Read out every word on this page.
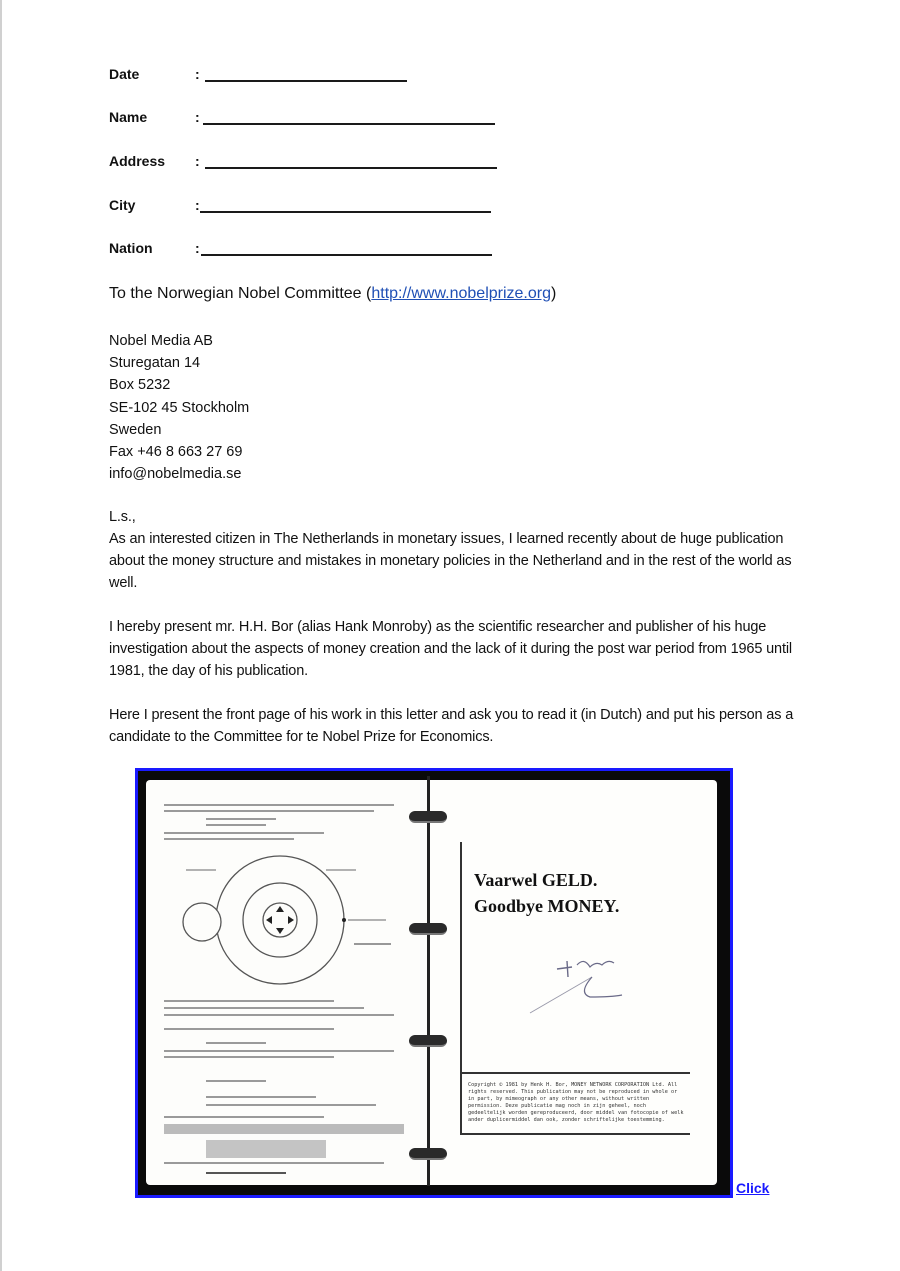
Date	:
Name	:
Address :
City	:
Nation	:
To the Norwegian Nobel Committee (http://www.nobelprize.org)
Nobel Media AB
Sturegatan 14
Box 5232
SE-102 45 Stockholm
Sweden
Fax +46 8 663 27 69
info@nobelmedia.se
L.s.,
As an interested citizen in The Netherlands in monetary issues, I learned recently about de huge publication about the money structure and mistakes in monetary policies in the Netherland and in the rest of the world as well.
I hereby present mr. H.H. Bor (alias Hank Monroby) as the scientific researcher and publisher of his huge investigation about the aspects of money creation and the lack of it during the post war period from 1965 until 1981, the day of his publication.
Here I present the front page of his work in this letter and ask you to read it (in Dutch) and put his person as a candidate to the Committee for te Nobel Prize for Economics.
Vaarwel GELD.
Goodbye MONEY.
Copyright © 1981 by Henk H. Bor, MONEY NETWORK CORPORATION Ltd. All rights reserved. This publication may not be reproduced in whole or in part, by mimeograph or any other means, without written permission. Deze publicatie mag noch in zijn geheel, noch gedeeltelijk worden gereproduceerd, door middel van fotocopie of welk ander duplicermiddel dan ook, zonder schriftelijke toestemming.
Click
